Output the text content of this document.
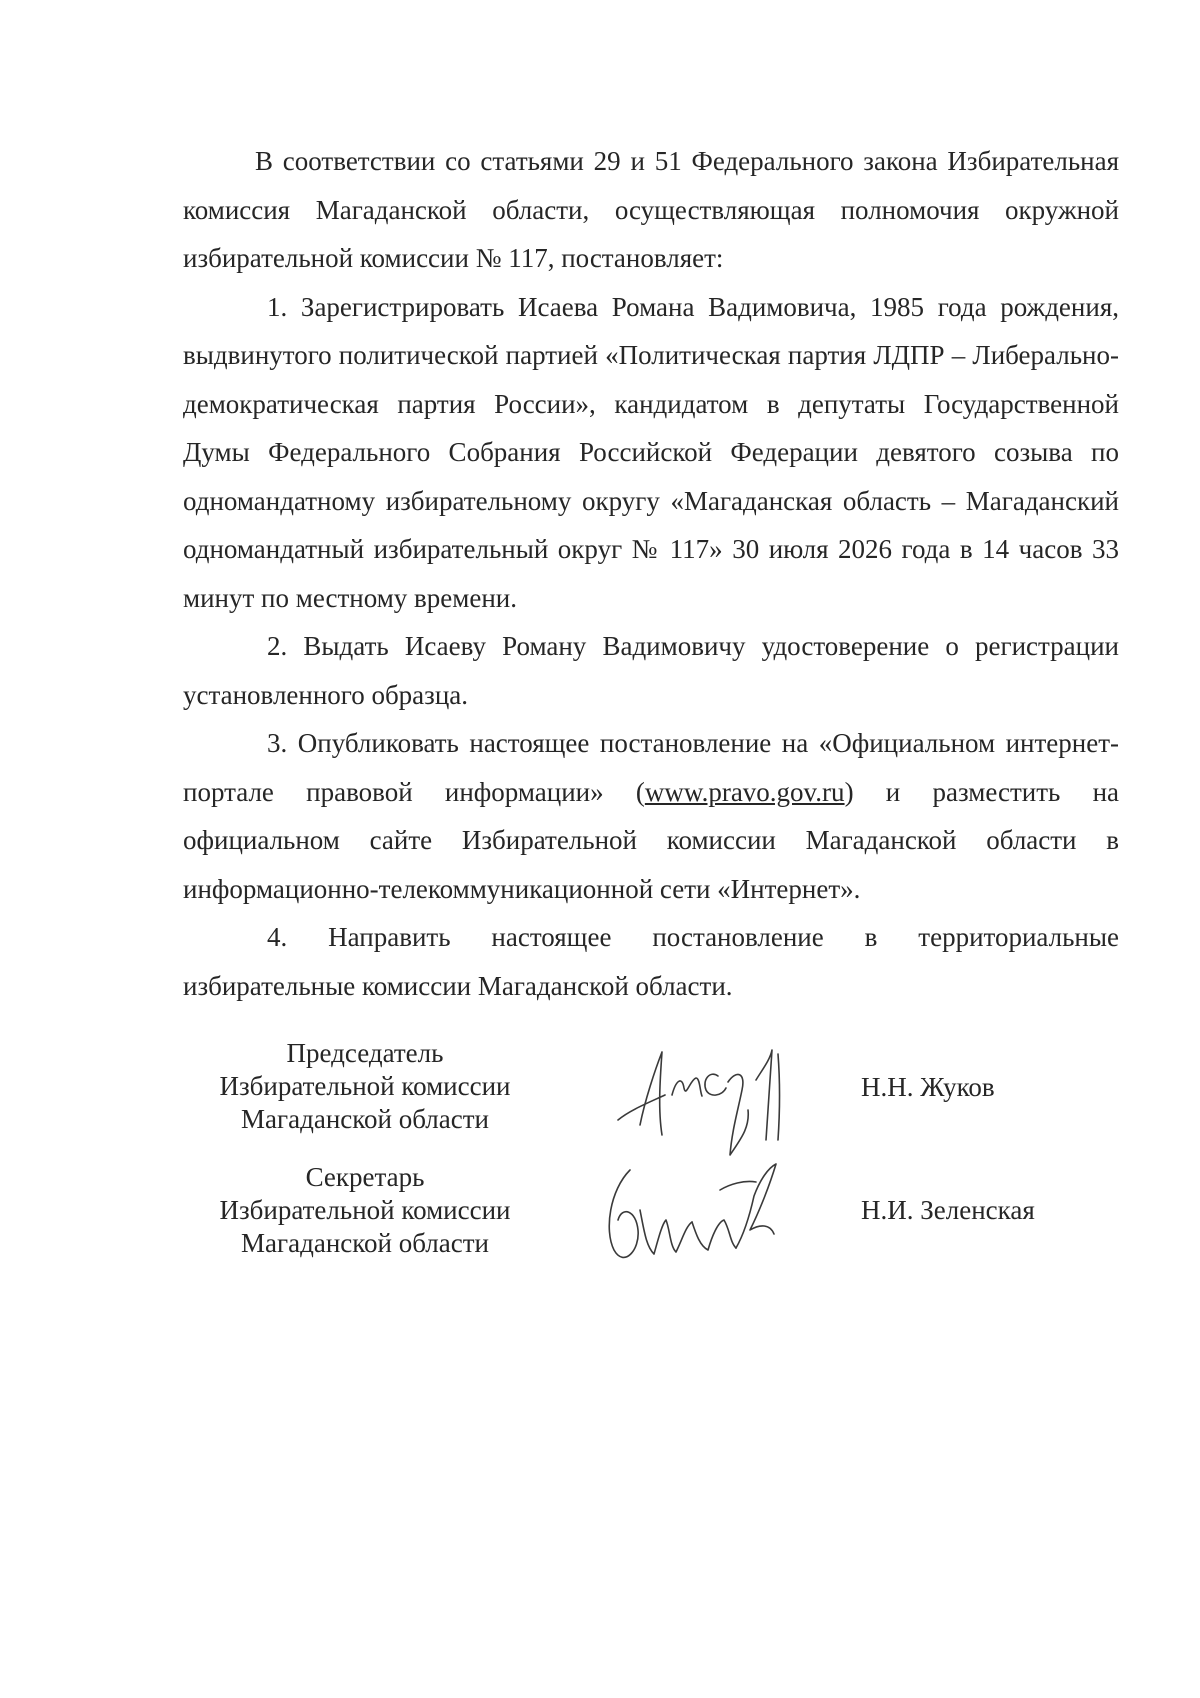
В соответствии со статьями 29 и 51 Федерального закона Избирательная комиссия Магаданской области, осуществляющая полномочия окружной избирательной комиссии № 117, постановляет:

1. Зарегистрировать Исаева Романа Вадимовича, 1985 года рождения, выдвинутого политической партией «Политическая партия ЛДПР – Либерально-демократическая партия России», кандидатом в депутаты Государственной Думы Федерального Собрания Российской Федерации девятого созыва по одномандатному избирательному округу «Магаданская область – Магаданский одномандатный избирательный округ № 117» 30 июля 2026 года в 14 часов 33 минут по местному времени.

2. Выдать Исаеву Роману Вадимовичу удостоверение о регистрации установленного образца.

3. Опубликовать настоящее постановление на «Официальном интернет-портале правовой информации» (www.pravo.gov.ru) и разместить на официальном сайте Избирательной комиссии Магаданской области в информационно-телекоммуникационной сети «Интернет».

4. Направить настоящее постановление в территориальные избирательные комиссии Магаданской области.

Председатель
Избирательной комиссии
Магаданской области
Н.Н. Жуков
Секретарь
Избирательной комиссии
Магаданской области
Н.И. Зеленская
